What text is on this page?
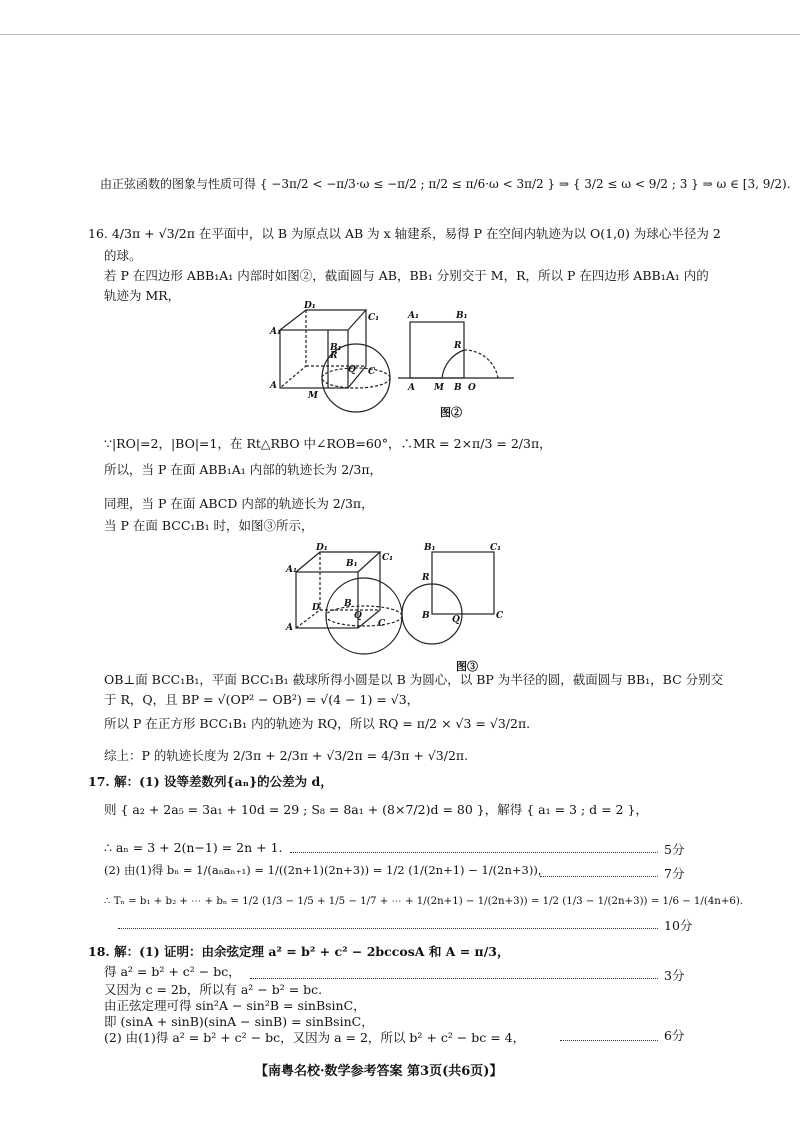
由正弦函数的图象与性质可得 { −3π/2 < −π/3·ω ≤ −π/2 ; π/2 ≤ π/6·ω < 3π/2 } ⇒ { 3/2 ≤ ω < 9/2 ; 3 } ⇒ ω ∈ [3, 9/2).
16. 4/3π + √3/2π 在平面中，以 B 为原点以 AB 为 x 轴建系，易得 P 在空间内轨迹为以 O(1,0) 为球心半径为 2
的球。
若 P 在四边形 ABB₁A₁ 内部时如图②，截面圆与 AB，BB₁ 分别交于 M，R，所以 P 在四边形 ABB₁A₁ 内的
轨迹为 MR，
D₁
C₁
A₁
B₁
R
A
M
Q C
A₁	B₁
R
A M B O
图②
∵|RO|=2，|BO|=1，在 Rt△RBO 中∠ROB=60°，∴MR = 2×π/3 = 2/3π，
所以，当 P 在面 ABB₁A₁ 内部的轨迹长为 2/3π，
同理，当 P 在面 ABCD 内部的轨迹长为 2/3π，
当 P 在面 BCC₁B₁ 时，如图③所示，
D₁
C₁
A₁
B₁
D
A
B
Q
C
B₁	C₁
R
B Q	C
图③
OB⊥面 BCC₁B₁，平面 BCC₁B₁ 截球所得小圆是以 B 为圆心，以 BP 为半径的圆，截面圆与 BB₁，BC 分别交
于 R，Q，且 BP = √(OP² − OB²) = √(4 − 1) = √3，
所以 P 在正方形 BCC₁B₁ 内的轨迹为 RQ，所以 RQ = π/2 × √3 = √3/2π.
综上：P 的轨迹长度为 2/3π + 2/3π + √3/2π = 4/3π + √3/2π.
17. 解：(1) 设等差数列{aₙ}的公差为 d，
则 { a₂ + 2a₅ = 3a₁ + 10d = 29 ; S₈ = 8a₁ + (8×7/2)d = 80 }，解得 { a₁ = 3 ; d = 2 }，
∴ aₙ = 3 + 2(n−1) = 2n + 1.	5分
(2) 由(1)得 bₙ = 1/(aₙaₙ₊₁) = 1/((2n+1)(2n+3)) = 1/2 (1/(2n+1) − 1/(2n+3))，	7分
∴ Tₙ = b₁ + b₂ + ⋯ + bₙ = 1/2 (1/3 − 1/5 + 1/5 − 1/7 + ⋯ + 1/(2n+1) − 1/(2n+3)) = 1/2 (1/3 − 1/(2n+3)) = 1/6 − 1/(4n+6).
10分
18. 解：(1) 证明：由余弦定理 a² = b² + c² − 2bccosA 和 A = π/3，
得 a² = b² + c² − bc，	3分
又因为 c = 2b，所以有 a² − b² = bc.
由正弦定理可得 sin²A − sin²B = sinBsinC，
即 (sinA + sinB)(sinA − sinB) = sinBsinC，
(2) 由(1)得 a² = b² + c² − bc，又因为 a = 2，所以 b² + c² − bc = 4，	6分
【南粤名校·数学参考答案 第3页(共6页)】
